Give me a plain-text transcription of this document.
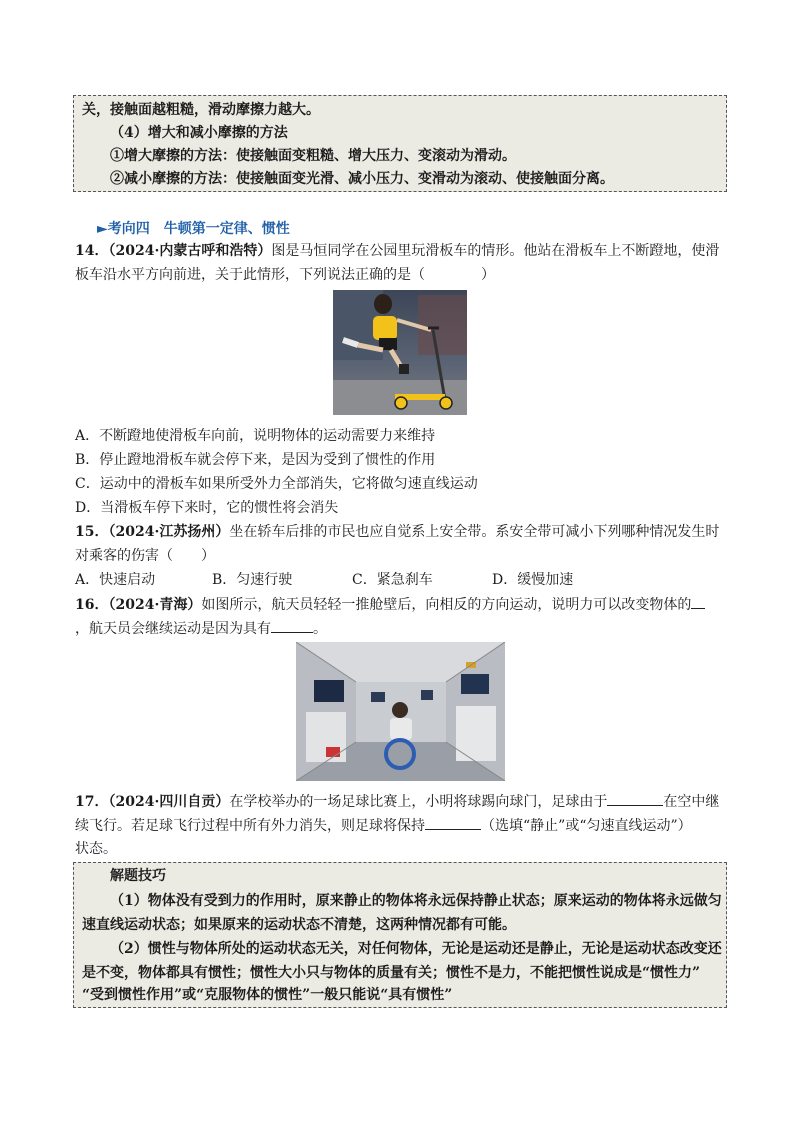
关，接触面越粗糙，滑动摩擦力越大。
（4）增大和减小摩擦的方法
①增大摩擦的方法：使接触面变粗糙、增大压力、变滚动为滑动。
②减小摩擦的方法：使接触面变光滑、减小压力、变滑动为滚动、使接触面分离。
►考向四　牛顿第一定律、惯性
14．（2024·内蒙古呼和浩特）图是马恒同学在公园里玩滑板车的情形。他站在滑板车上不断蹬地，使滑
板车沿水平方向前进，关于此情形，下列说法正确的是（　　　　）
A．不断蹬地使滑板车向前，说明物体的运动需要力来维持
B．停止蹬地滑板车就会停下来，是因为受到了惯性的作用
C．运动中的滑板车如果所受外力全部消失，它将做匀速直线运动
D．当滑板车停下来时，它的惯性将会消失
15．（2024·江苏扬州）坐在轿车后排的市民也应自觉系上安全带。系安全带可减小下列哪种情况发生时
对乘客的伤害（　　）
A．快速启动	B．匀速行驶	C．紧急刹车	D．缓慢加速
16．（2024·青海）如图所示，航天员轻轻一推舱壁后，向相反的方向运动，说明力可以改变物体的
，航天员会继续运动是因为具有	。
17．（2024·四川自贡）在学校举办的一场足球比赛上，小明将球踢向球门，足球由于	在空中继
续飞行。若足球飞行过程中所有外力消失，则足球将保持	（选填“静止”或“匀速直线运动”）
状态。
解题技巧
（1）物体没有受到力的作用时，原来静止的物体将永远保持静止状态；原来运动的物体将永远做匀
速直线运动状态；如果原来的运动状态不清楚，这两种情况都有可能。
（2）惯性与物体所处的运动状态无关，对任何物体，无论是运动还是静止，无论是运动状态改变还
是不变，物体都具有惯性；惯性大小只与物体的质量有关；惯性不是力，不能把惯性说成是“惯性力”
“受到惯性作用”或“克服物体的惯性”一般只能说“具有惯性”
